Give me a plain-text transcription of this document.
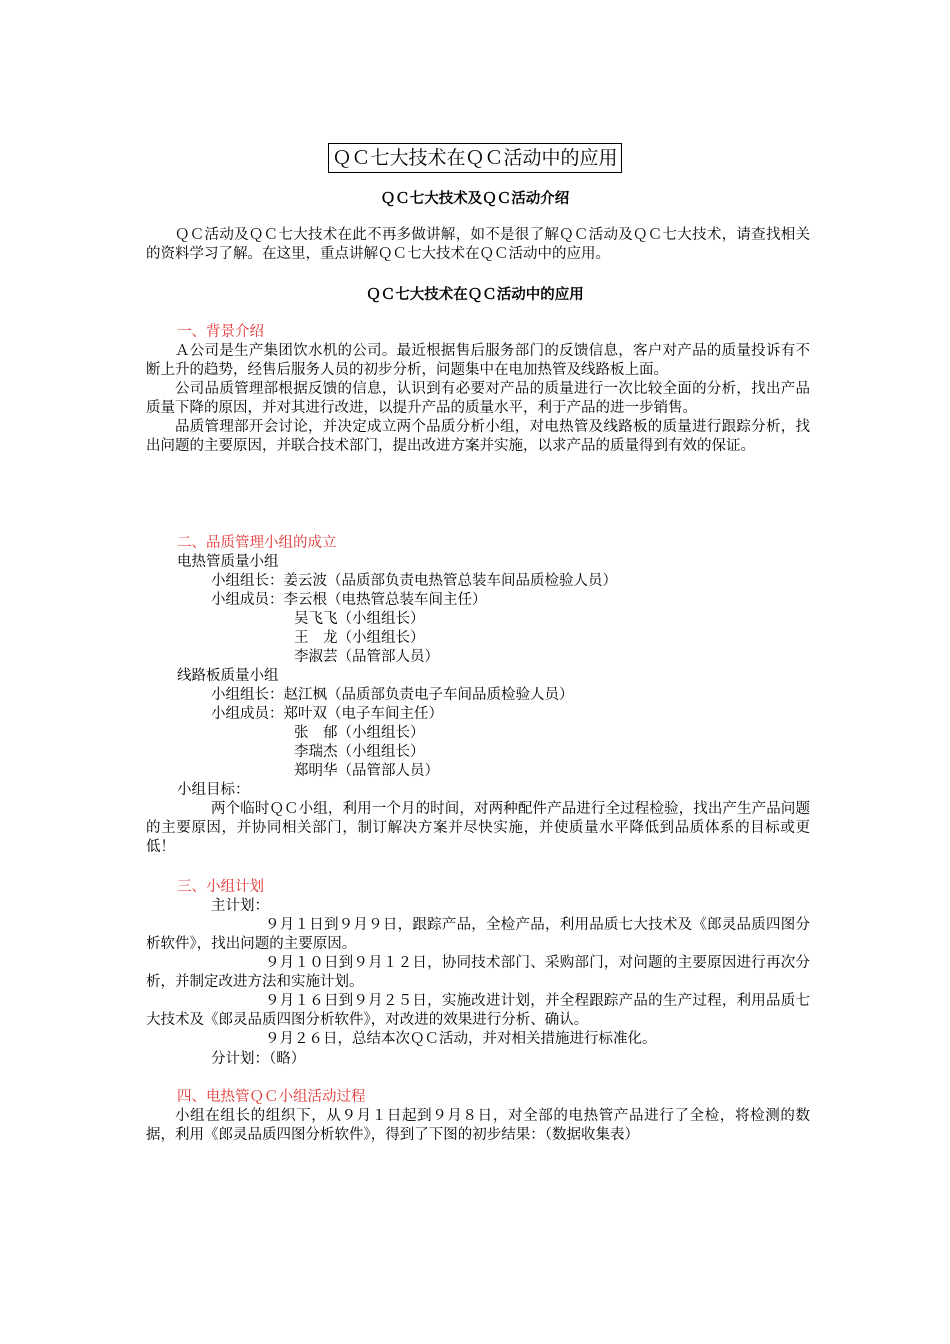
ＱＣ七大技术在ＱＣ活动中的应用
ＱＣ七大技术及ＱＣ活动介绍

ＱＣ活动及ＱＣ七大技术在此不再多做讲解，如不是很了解ＱＣ活动及ＱＣ七大技术，请查找相关的资料学习了解。在这里，重点讲解ＱＣ七大技术在ＱＣ活动中的应用。

ＱＣ七大技术在ＱＣ活动中的应用
一、背景介绍

Ａ公司是生产集团饮水机的公司。最近根据售后服务部门的反馈信息，客户对产品的质量投诉有不断上升的趋势，经售后服务人员的初步分析，问题集中在电加热管及线路板上面。

公司品质管理部根据反馈的信息，认识到有必要对产品的质量进行一次比较全面的分析，找出产品质量下降的原因，并对其进行改进，以提升产品的质量水平，利于产品的进一步销售。

品质管理部开会讨论，并决定成立两个品质分析小组，对电热管及线路板的质量进行跟踪分析，找出问题的主要原因，并联合技术部门，提出改进方案并实施，以求产品的质量得到有效的保证。

二、品质管理小组的成立
电热管质量小组
小组组长：姜云波（品质部负责电热管总装车间品质检验人员）
小组成员：李云根（电热管总装车间主任）
吴飞飞（小组组长）
王　龙（小组组长）
李淑芸（品管部人员）
线路板质量小组
小组组长：赵江枫（品质部负责电子车间品质检验人员）
小组成员：郑叶双（电子车间主任）
张　郁（小组组长）
李瑞杰（小组组长）
郑明华（品管部人员）
小组目标：

两个临时ＱＣ小组，利用一个月的时间，对两种配件产品进行全过程检验，找出产生产品问题的主要原因，并协同相关部门，制订解决方案并尽快实施，并使质量水平降低到品质体系的目标或更低！

三、小组计划
主计划：

９月１日到９月９日，跟踪产品，全检产品，利用品质七大技术及《郎灵品质四图分析软件》，找出问题的主要原因。

９月１０日到９月１２日，协同技术部门、采购部门，对问题的主要原因进行再次分析，并制定改进方法和实施计划。

９月１６日到９月２５日，实施改进计划，并全程跟踪产品的生产过程，利用品质七大技术及《郎灵品质四图分析软件》，对改进的效果进行分析、确认。

９月２６日，总结本次ＱＣ活动，并对相关措施进行标准化。

分计划：（略）
四、电热管ＱＣ小组活动过程

小组在组长的组织下，从９月１日起到９月８日，对全部的电热管产品进行了全检，将检测的数据，利用《郎灵品质四图分析软件》，得到了下图的初步结果：（数据收集表）
